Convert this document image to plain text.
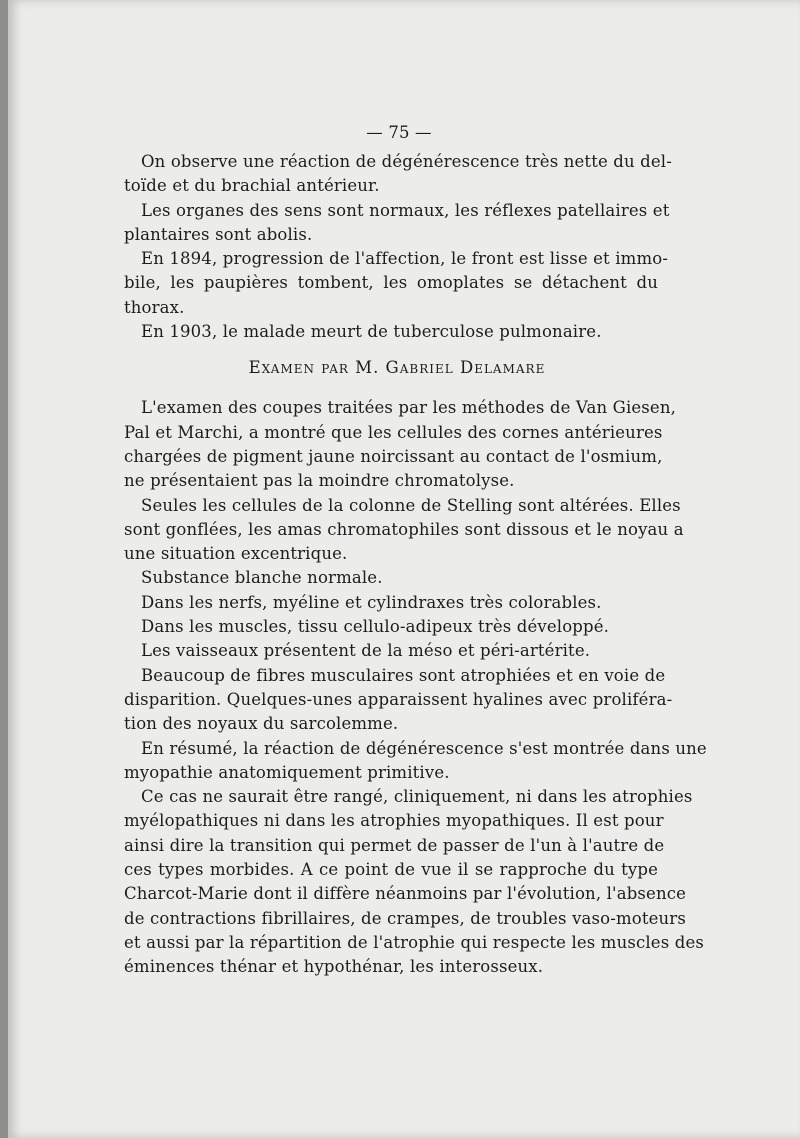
— 75 —
On observe une réaction de dégénérescence très nette du del-
toïde et du brachial antérieur.
Les organes des sens sont normaux, les réflexes patellaires et
plantaires sont abolis.
En 1894, progression de l'affection, le front est lisse et immo-
bile, les paupières tombent, les omoplates se détachent du
thorax.
En 1903, le malade meurt de tuberculose pulmonaire.
Examen par M. Gabriel Delamare
L'examen des coupes traitées par les méthodes de Van Giesen,
Pal et Marchi, a montré que les cellules des cornes antérieures
chargées de pigment jaune noircissant au contact de l'osmium,
ne présentaient pas la moindre chromatolyse.
Seules les cellules de la colonne de Stelling sont altérées. Elles
sont gonflées, les amas chromatophiles sont dissous et le noyau a
une situation excentrique.
Substance blanche normale.
Dans les nerfs, myéline et cylindraxes très colorables.
Dans les muscles, tissu cellulo-adipeux très développé.
Les vaisseaux présentent de la méso et péri-artérite.
Beaucoup de fibres musculaires sont atrophiées et en voie de
disparition. Quelques-unes apparaissent hyalines avec proliféra-
tion des noyaux du sarcolemme.
En résumé, la réaction de dégénérescence s'est montrée dans une
myopathie anatomiquement primitive.
Ce cas ne saurait être rangé, cliniquement, ni dans les atrophies
myélopathiques ni dans les atrophies myopathiques. Il est pour
ainsi dire la transition qui permet de passer de l'un à l'autre de
ces types morbides. A ce point de vue il se rapproche du type
Charcot-Marie dont il diffère néanmoins par l'évolution, l'absence
de contractions fibrillaires, de crampes, de troubles vaso-moteurs
et aussi par la répartition de l'atrophie qui respecte les muscles des
éminences thénar et hypothénar, les interosseux.
